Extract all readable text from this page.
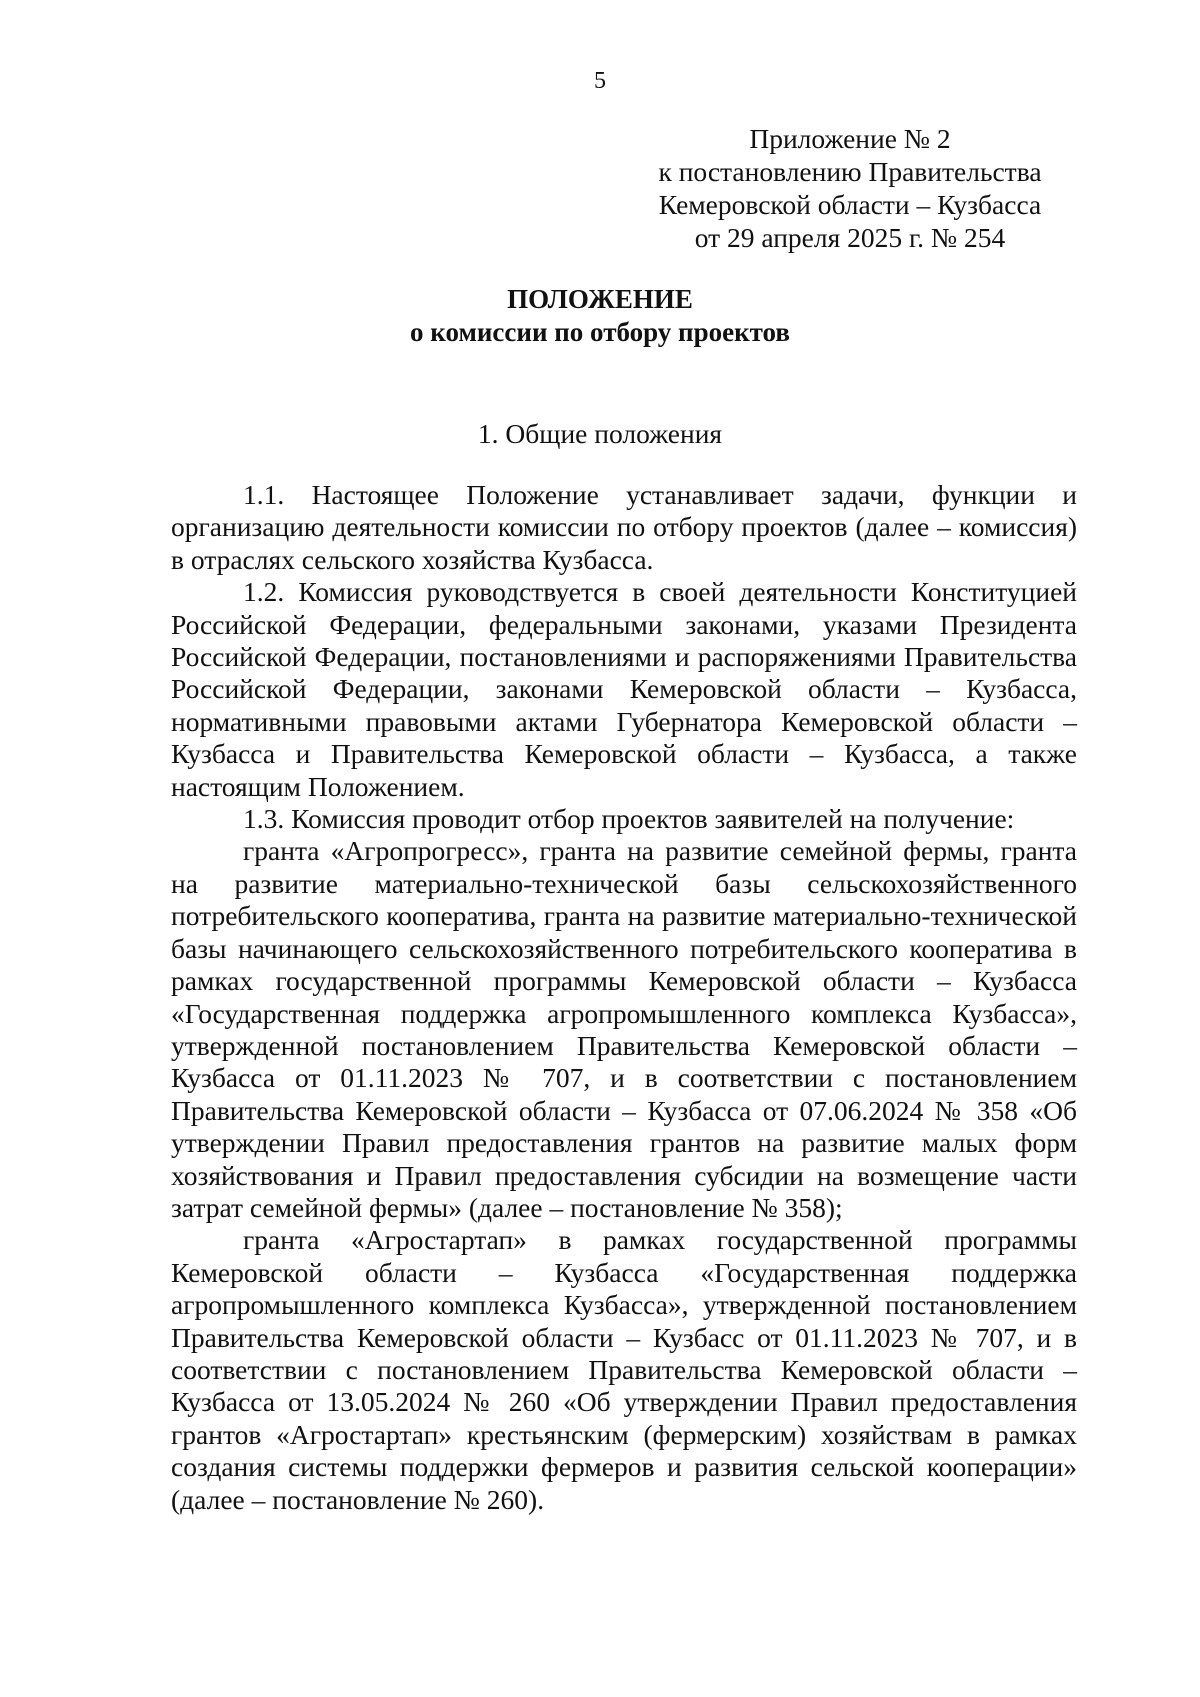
5
Приложение № 2
к постановлению Правительства
Кемеровской области – Кузбасса
от 29 апреля 2025 г. № 254
ПОЛОЖЕНИЕ
о комиссии по отбору проектов
1. Общие положения

1.1. Настоящее Положение устанавливает задачи, функции и организацию деятельности комиссии по отбору проектов (далее – комиссия) в отраслях сельского хозяйства Кузбасса.

1.2. Комиссия руководствуется в своей деятельности Конституцией Российской Федерации, федеральными законами, указами Президента Российской Федерации, постановлениями и распоряжениями Правительства Российской Федерации, законами Кемеровской области – Кузбасса, нормативными правовыми актами Губернатора Кемеровской области – Кузбасса и Правительства Кемеровской области – Кузбасса, а также настоящим Положением.

1.3. Комиссия проводит отбор проектов заявителей на получение:

гранта «Агропрогресс», гранта на развитие семейной фермы, гранта на развитие материально-технической базы сельскохозяйственного потребительского кооператива, гранта на развитие материально-технической базы начинающего сельскохозяйственного потребительского кооператива в рамках государственной программы Кемеровской области – Кузбасса «Государственная поддержка агропромышленного комплекса Кузбасса», утвержденной постановлением Правительства Кемеровской области – Кузбасса от 01.11.2023 № 707, и в соответствии с постановлением Правительства Кемеровской области – Кузбасса от 07.06.2024 № 358 «Об утверждении Правил предоставления грантов на развитие малых форм хозяйствования и Правил предоставления субсидии на возмещение части затрат семейной фермы» (далее – постановление № 358);

гранта «Агростартап» в рамках государственной программы Кемеровской области – Кузбасса «Государственная поддержка агропромышленного комплекса Кузбасса», утвержденной постановлением Правительства Кемеровской области – Кузбасс от 01.11.2023 № 707, и в соответствии с постановлением Правительства Кемеровской области – Кузбасса от 13.05.2024 № 260 «Об утверждении Правил предоставления грантов «Агростартап» крестьянским (фермерским) хозяйствам в рамках создания системы поддержки фермеров и развития сельской кооперации» (далее – постановление № 260).
